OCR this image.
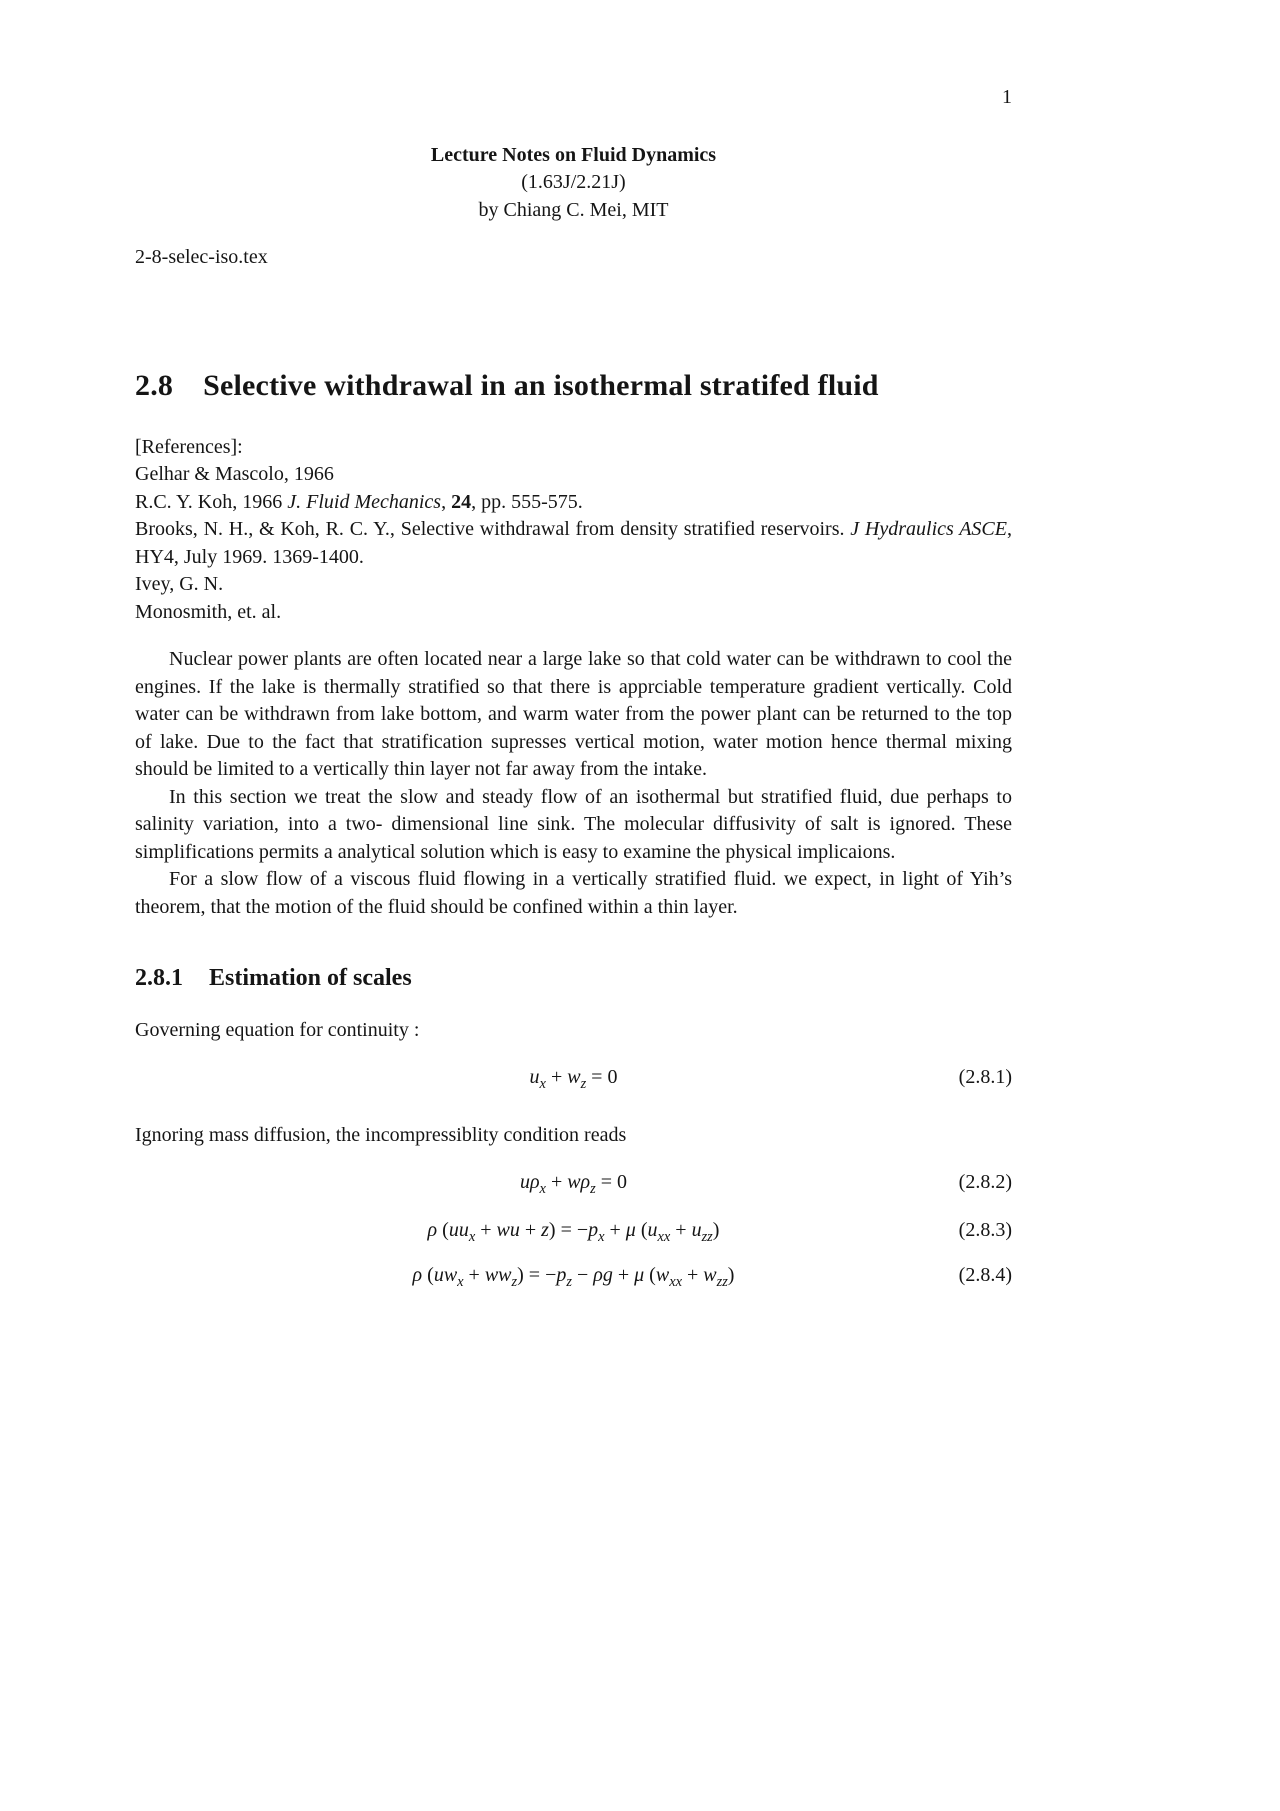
1
Lecture Notes on Fluid Dynamics
(1.63J/2.21J)
by Chiang C. Mei, MIT
2-8-selec-iso.tex
2.8 Selective withdrawal in an isothermal stratifed fluid
[References]:
Gelhar & Mascolo, 1966
R.C. Y. Koh, 1966 J. Fluid Mechanics, 24, pp. 555-575.
Brooks, N. H., & Koh, R. C. Y., Selective withdrawal from density stratified reservoirs. J Hydraulics ASCE, HY4, July 1969. 1369-1400.
Ivey, G. N.
Monosmith, et. al.

Nuclear power plants are often located near a large lake so that cold water can be withdrawn to cool the engines. If the lake is thermally stratified so that there is apprciable temperature gradient vertically. Cold water can be withdrawn from lake bottom, and warm water from the power plant can be returned to the top of lake. Due to the fact that stratification supresses vertical motion, water motion hence thermal mixing should be limited to a vertically thin layer not far away from the intake.

In this section we treat the slow and steady flow of an isothermal but stratified fluid, due perhaps to salinity variation, into a two- dimensional line sink. The molecular diffusivity of salt is ignored. These simplifications permits a analytical solution which is easy to examine the physical implicaions.

For a slow flow of a viscous fluid flowing in a vertically stratified fluid. we expect, in light of Yih’s theorem, that the motion of the fluid should be confined within a thin layer.

2.8.1 Estimation of scales

Governing equation for continuity :

$u_x + w_z = 0$	(2.8.1)

Ignoring mass diffusion, the incompressiblity condition reads

$u\rho_x + w\rho_z = 0$	(2.8.2)
ρ ($uu_x$ + wu + $z) = -p_x + \mu$ $(u_{xx} + u_{zz})$	(2.8.3)
ρ $(uw_x + ww_z) = -p_z - \rho g + \mu$ $(w_{xx} + w_{zz})$	(2.8.4)
